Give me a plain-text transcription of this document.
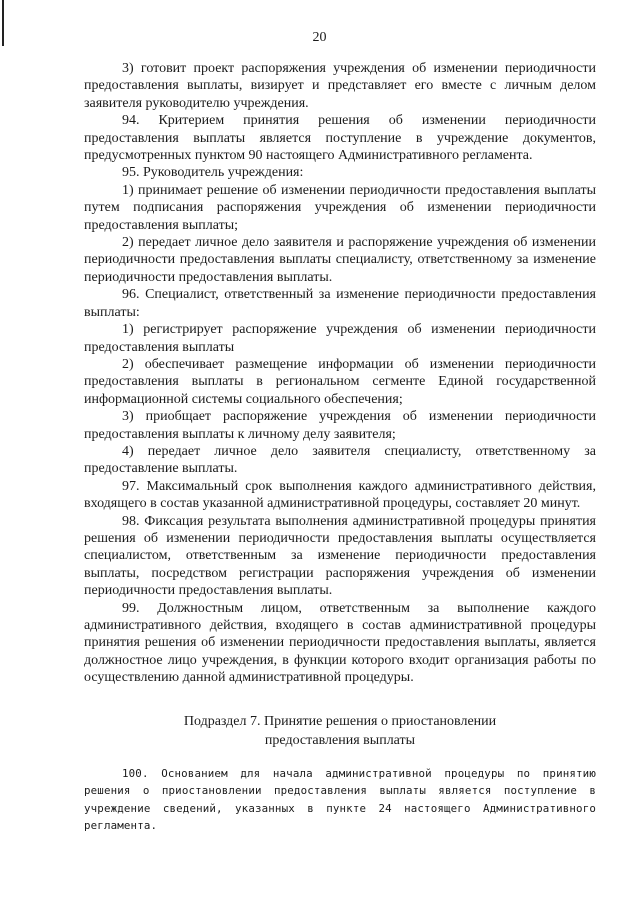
20

3) готовит проект распоряжения учреждения об изменении периодичности предоставления выплаты, визирует и представляет его вместе с личным делом заявителя руководителю учреждения.

94. Критерием принятия решения об изменении периодичности предоставления выплаты является поступление в учреждение документов, предусмотренных пунктом 90 настоящего Административного регламента.

95. Руководитель учреждения:

1) принимает решение об изменении периодичности предоставления выплаты путем подписания распоряжения учреждения об изменении периодичности предоставления выплаты;

2) передает личное дело заявителя и распоряжение учреждения об изменении периодичности предоставления выплаты специалисту, ответственному за изменение периодичности предоставления выплаты.

96. Специалист, ответственный за изменение периодичности предоставления выплаты:

1) регистрирует распоряжение учреждения об изменении периодичности предоставления выплаты

2) обеспечивает размещение информации об изменении периодичности предоставления выплаты в региональном сегменте Единой государственной информационной системы социального обеспечения;

3) приобщает распоряжение учреждения об изменении периодичности предоставления выплаты к личному делу заявителя;

4) передает личное дело заявителя специалисту, ответственному за предоставление выплаты.

97. Максимальный срок выполнения каждого административного действия, входящего в состав указанной административной процедуры, составляет 20 минут.

98. Фиксация результата выполнения административной процедуры принятия решения об изменении периодичности предоставления выплаты осуществляется специалистом, ответственным за изменение периодичности предоставления выплаты, посредством регистрации распоряжения учреждения об изменении периодичности предоставления выплаты.

99. Должностным лицом, ответственным за выполнение каждого административного действия, входящего в состав административной процедуры принятия решения об изменении периодичности предоставления выплаты, является должностное лицо учреждения, в функции которого входит организация работы по осуществлению данной административной процедуры.

Подраздел 7. Принятие решения о приостановлении
предоставления выплаты

100. Основанием для начала административной процедуры по принятию решения о приостановлении предоставления выплаты является поступление в учреждение сведений, указанных в пункте 24 настоящего Административного регламента.
